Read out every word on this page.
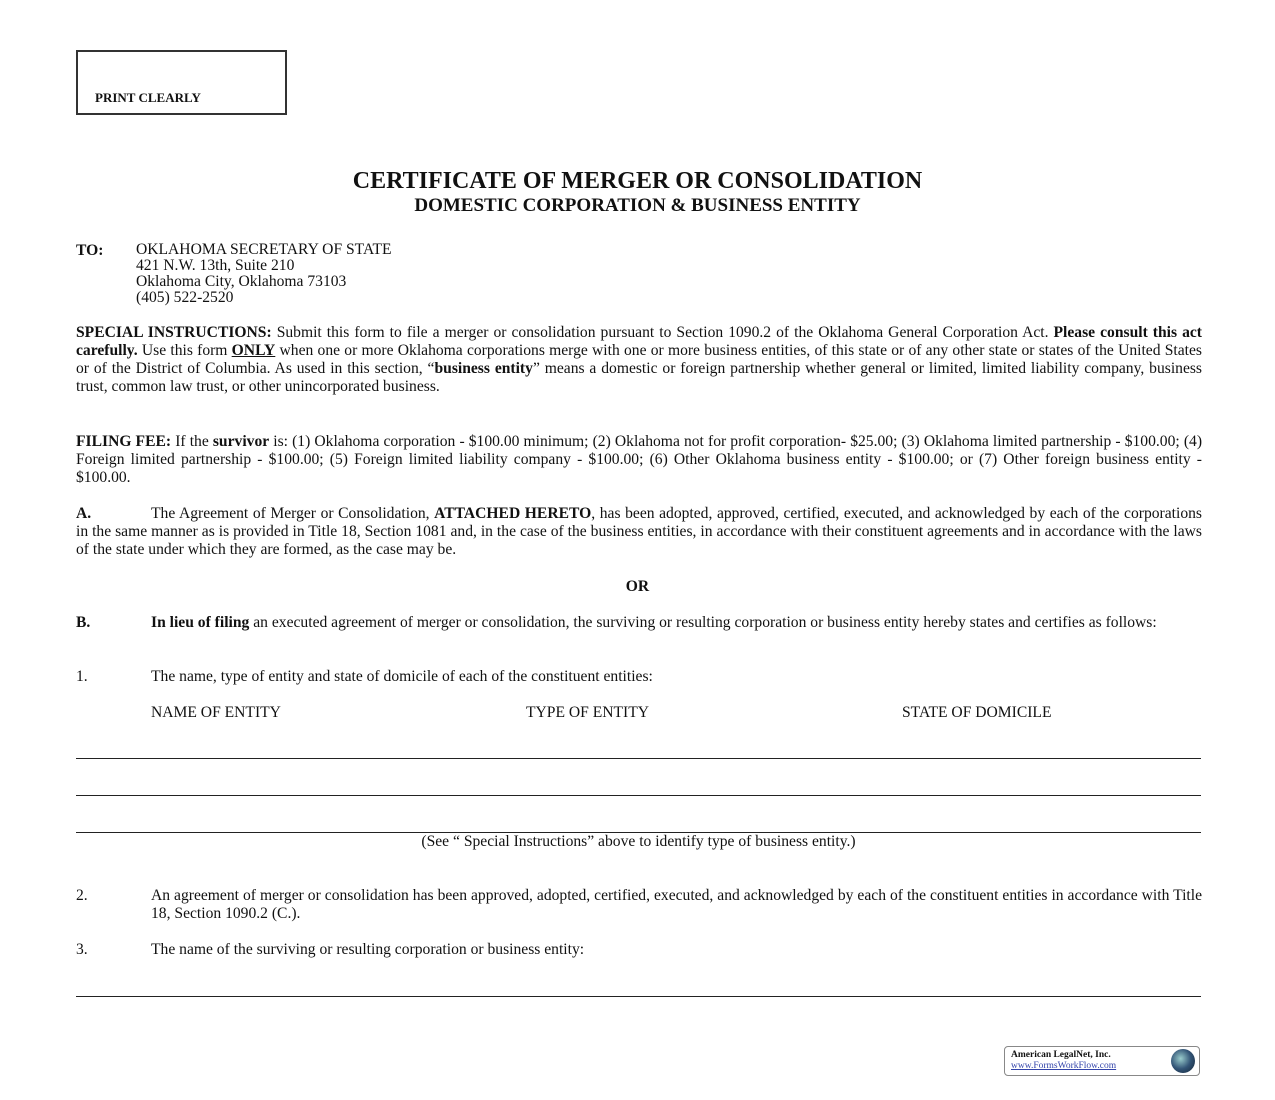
PRINT CLEARLY
CERTIFICATE OF MERGER OR CONSOLIDATION
DOMESTIC CORPORATION & BUSINESS ENTITY
TO: OKLAHOMA SECRETARY OF STATE
421 N.W. 13th, Suite 210
Oklahoma City, Oklahoma 73103
(405) 522-2520
SPECIAL INSTRUCTIONS: Submit this form to file a merger or consolidation pursuant to Section 1090.2 of the Oklahoma General Corporation Act. Please consult this act carefully. Use this form ONLY when one or more Oklahoma corporations merge with one or more business entities, of this state or of any other state or states of the United States or of the District of Columbia. As used in this section, “business entity” means a domestic or foreign partnership whether general or limited, limited liability company, business trust, common law trust, or other unincorporated business.
FILING FEE: If the survivor is: (1) Oklahoma corporation - $100.00 minimum; (2) Oklahoma not for profit corporation- $25.00; (3) Oklahoma limited partnership - $100.00; (4) Foreign limited partnership - $100.00; (5) Foreign limited liability company - $100.00; (6) Other Oklahoma business entity - $100.00; or (7) Other foreign business entity - $100.00.
A.	The Agreement of Merger or Consolidation, ATTACHED HERETO, has been adopted, approved, certified, executed, and acknowledged by each of the corporations in the same manner as is provided in Title 18, Section 1081 and, in the case of the business entities, in accordance with their constituent agreements and in accordance with the laws of the state under which they are formed, as the case may be.
OR
B.	In lieu of filing an executed agreement of merger or consolidation, the surviving or resulting corporation or business entity hereby states and certifies as follows:
1.	The name, type of entity and state of domicile of each of the constituent entities:
NAME OF ENTITY	TYPE OF ENTITY	STATE OF DOMICILE
(See “ Special Instructions” above to identify type of business entity.)
2.	An agreement of merger or consolidation has been approved, adopted, certified, executed, and acknowledged by each of the constituent entities in accordance with Title 18, Section 1090.2 (C.).
3.	The name of the surviving or resulting corporation or business entity:
American LegalNet, Inc.
www.FormsWorkFlow.com
